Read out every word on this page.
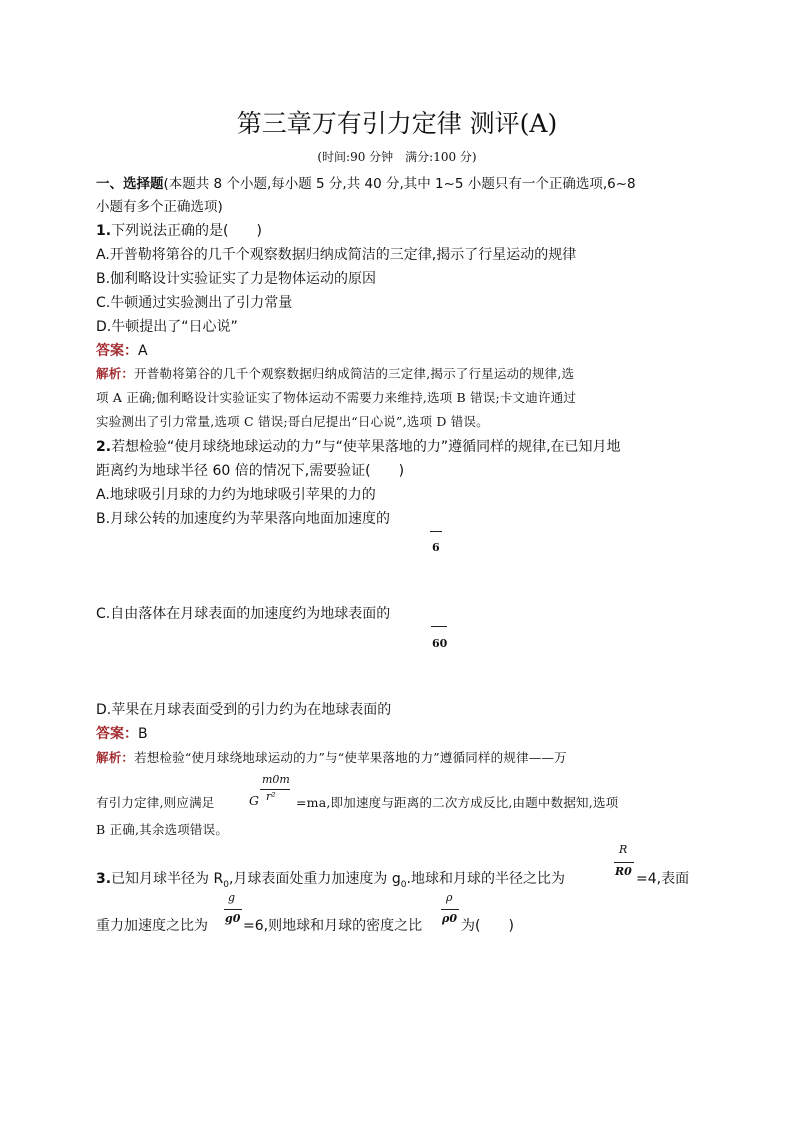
第三章万有引力定律 测评(A)
(时间:90 分钟　满分:100 分)
一、选择题(本题共 8 个小题,每小题 5 分,共 40 分,其中 1~5 小题只有一个正确选项,6~8
小题有多个正确选项)
1.下列说法正确的是(　　)
A.开普勒将第谷的几千个观察数据归纳成简洁的三定律,揭示了行星运动的规律
B.伽利略设计实验证实了力是物体运动的原因
C.牛顿通过实验测出了引力常量
D.牛顿提出了“日心说”
答案：A
解析：开普勒将第谷的几千个观察数据归纳成简洁的三定律,揭示了行星运动的规律,选
项 A 正确;伽利略设计实验证实了物体运动不需要力来维持,选项 B 错误;卡文迪许通过
实验测出了引力常量,选项 C 错误;哥白尼提出“日心说”,选项 D 错误。
2.若想检验“使月球绕地球运动的力”与“使苹果落地的力”遵循同样的规律,在已知月地
距离约为地球半径 60 倍的情况下,需要验证(　　)
A.地球吸引月球的力约为地球吸引苹果的力的
B.月球公转的加速度约为苹果落向地面加速度的
6
C.自由落体在月球表面的加速度约为地球表面的
60
D.苹果在月球表面受到的引力约为在地球表面的
答案：B
解析：若想检验“使月球绕地球运动的力”与“使苹果落地的力”遵循同样的规律——万
有引力定律,则应满足	G
m0m
r² =ma,即加速度与距离的二次方成反比,由题中数据知,选项
B 正确,其余选项错误。
3.已知月球半径为 $R_0$,月球表面处重力加速度为 $g_0$.地球和月球的半径之比为
R
R0 =4,表面
重力加速度之比为
g
g0 =6,则地球和月球的密度之比
ρ
ρ0 为(　　)
